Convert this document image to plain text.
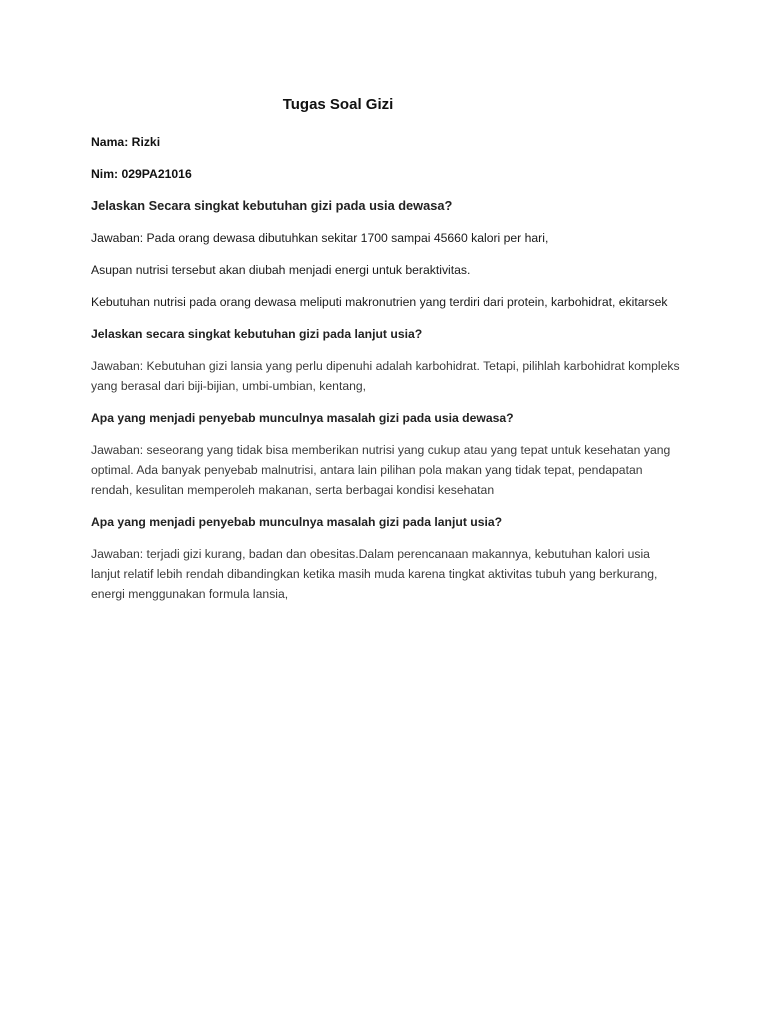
Tugas Soal Gizi

Nama: Rizki

Nim: 029PA21016

Jelaskan Secara singkat kebutuhan gizi pada usia dewasa?

Jawaban: Pada orang dewasa dibutuhkan sekitar 1700 sampai 45660 kalori per hari,

Asupan nutrisi tersebut akan diubah menjadi energi untuk beraktivitas.

Kebutuhan nutrisi pada orang dewasa meliputi makronutrien yang terdiri dari protein, karbohidrat, ekitarsek

Jelaskan secara singkat kebutuhan gizi pada lanjut usia?

Jawaban: Kebutuhan gizi lansia yang perlu dipenuhi adalah karbohidrat. Tetapi, pilihlah karbohidrat kompleks yang berasal dari biji-bijian, umbi-umbian, kentang,

Apa yang menjadi penyebab munculnya masalah gizi pada usia dewasa?

Jawaban: seseorang yang tidak bisa memberikan nutrisi yang cukup atau yang tepat untuk kesehatan yang optimal. Ada banyak penyebab malnutrisi, antara lain pilihan pola makan yang tidak tepat, pendapatan rendah, kesulitan memperoleh makanan, serta berbagai kondisi kesehatan

Apa yang menjadi penyebab munculnya masalah gizi pada lanjut usia?

Jawaban: terjadi gizi kurang, badan dan obesitas.Dalam perencanaan makannya, kebutuhan kalori usia lanjut relatif lebih rendah dibandingkan ketika masih muda karena tingkat aktivitas tubuh yang berkurang, energi menggunakan formula lansia,
